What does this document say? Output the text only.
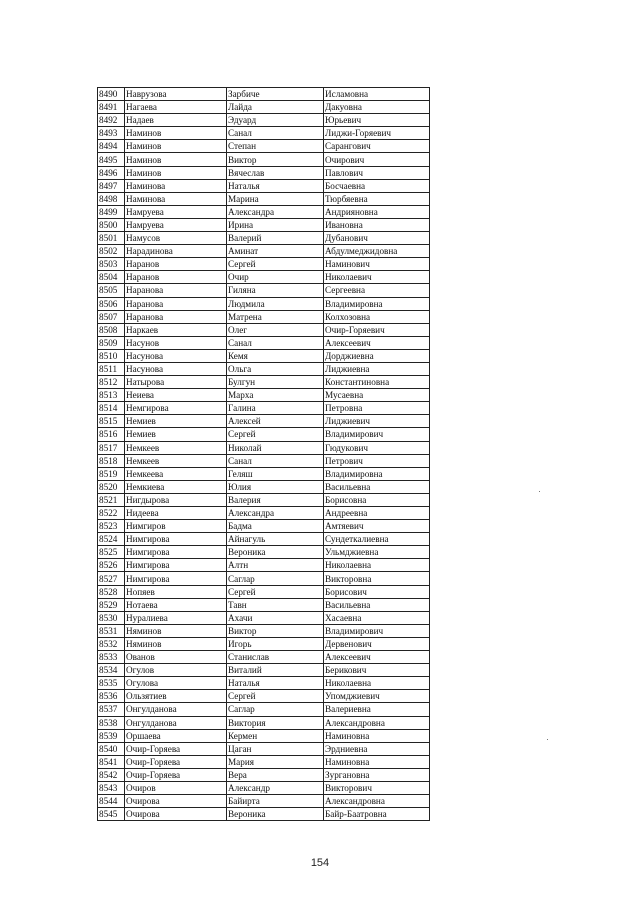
8490	Наврузова	Зарбиче	Исламовна
8491	Нагаева	Лайда	Дакуовна
8492	Надаев	Эдуард	Юрьевич
8493	Наминов	Санал	Лиджи-Горяевич
8494	Наминов	Степан	Сарангович
8495	Наминов	Виктор	Очирович
8496	Наминов	Вячеслав	Павлович
8497	Наминова	Наталья	Босчаевна
8498	Наминова	Марина	Тюрбяевна
8499	Намруева	Александра	Андрияновна
8500	Намруева	Ирина	Ивановна
8501	Намусов	Валерий	Дубанович
8502	Нарадинова	Аминат	Абдулмеджидовна
8503	Наранов	Сергей	Наминович
8504	Наранов	Очир	Николаевич
8505	Наранова	Гиляна	Сергеевна
8506	Наранова	Людмила	Владимировна
8507	Наранова	Матрена	Колхозовна
8508	Наркаев	Олег	Очир-Горяевич
8509	Насунов	Санал	Алексеевич
8510	Насунова	Кемя	Дорджиевна
8511	Насунова	Ольга	Лиджиевна
8512	Натырова	Булгун	Константиновна
8513	Неиева	Марха	Мусаевна
8514	Немгирова	Галина	Петровна
8515	Немиев	Алексей	Лиджиевич
8516	Немиев	Сергей	Владимирович
8517	Немкеев	Николай	Гюдукович
8518	Немкеев	Санал	Петрович
8519	Немкеева	Геляш	Владимировна
8520	Немкиева	Юлия	Васильевна
8521	Нигдырова	Валерия	Борисовна
8522	Нидеева	Александра	Андреевна
8523	Нимгиров	Бадма	Амтяевич
8524	Нимгирова	Айнагуль	Сундеткалиевна
8525	Нимгирова	Вероника	Ульмджиевна
8526	Нимгирова	Алтн	Николаевна
8527	Нимгирова	Саглар	Викторовна
8528	Нопяев	Сергей	Борисович
8529	Нотаева	Тавн	Васильевна
8530	Нуралиева	Ахачи	Хасаевна
8531	Няминов	Виктор	Владимирович
8532	Няминов	Игорь	Дервенович
8533	Ованов	Станислав	Алексеевич
8534	Огулов	Виталий	Берикович
8535	Огулова	Наталья	Николаевна
8536	Ользятиев	Сергей	Упомджиевич
8537	Онгулданова	Саглар	Валериевна
8538	Онгулданова	Виктория	Александровна
8539	Оршаева	Кермен	Наминовна
8540	Очир-Горяева	Цаган	Эрдниевна
8541	Очир-Горяева	Мария	Наминовна
8542	Очир-Горяева	Вера	Зургановна
8543	Очиров	Александр	Викторович
8544	Очирова	Байирта	Александровна
8545	Очирова	Вероника	Байр-Баатровна
154
